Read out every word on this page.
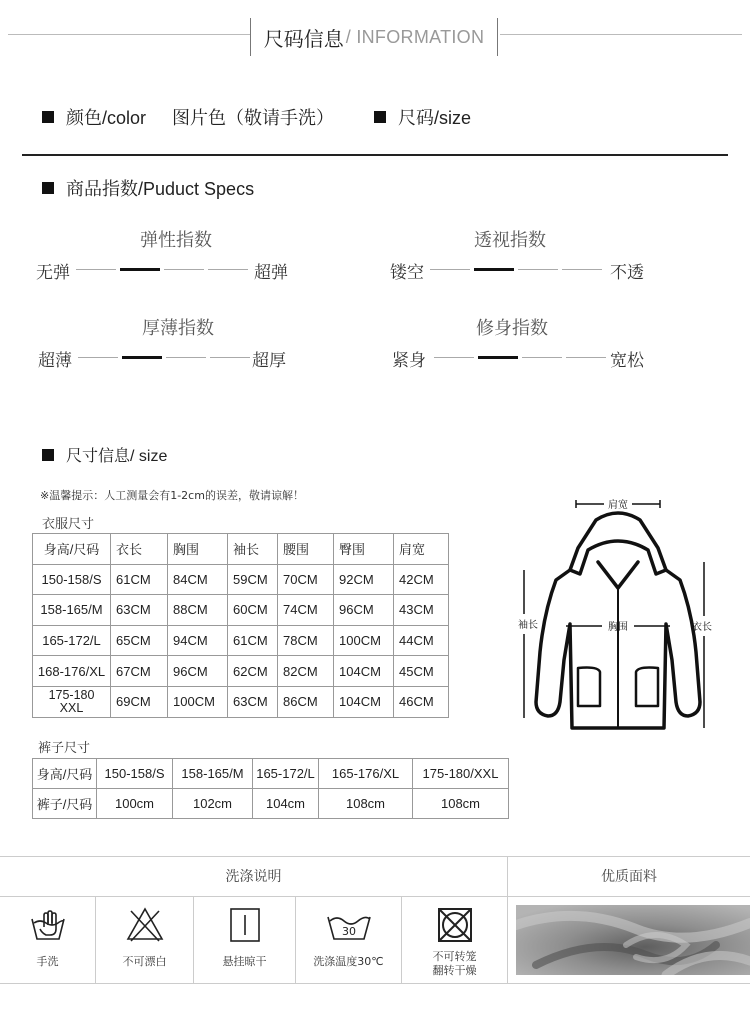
尺码信息 / INFORMATION
颜色/color 图片色（敬请手洗）	尺码/size
商品指数/Puduct Specs
弹性指数
无弹	超弹
透视指数
镂空	不透
厚薄指数
超薄	超厚
修身指数
紧身	宽松
尺寸信息/ size
※温馨提示：人工测量会有1-2cm的误差，敬请谅解！
衣服尺寸
身高/尺码	衣长	胸围	袖长	腰围	臀围	肩宽
150-158/S	61CM	84CM	59CM	70CM	92CM	42CM
158-165/M	63CM	88CM	60CM	74CM	96CM	43CM
165-172/L	65CM	94CM	61CM	78CM	100CM	44CM
168-176/XL	67CM	96CM	62CM	82CM	104CM	45CM
175-180
XXL	69CM	100CM	63CM	86CM	104CM	46CM
裤子尺寸
身高/尺码	150-158/S	158-165/M	165-172/L	165-176/XL	175-180/XXL
裤子/尺码	100cm	102cm	104cm	108cm	108cm
肩宽
胸围
袖长	衣长
洗涤说明	优质面料
手洗	不可漂白	悬挂晾干
30
洗涤温度30℃	不可转笼
翻转干燥
